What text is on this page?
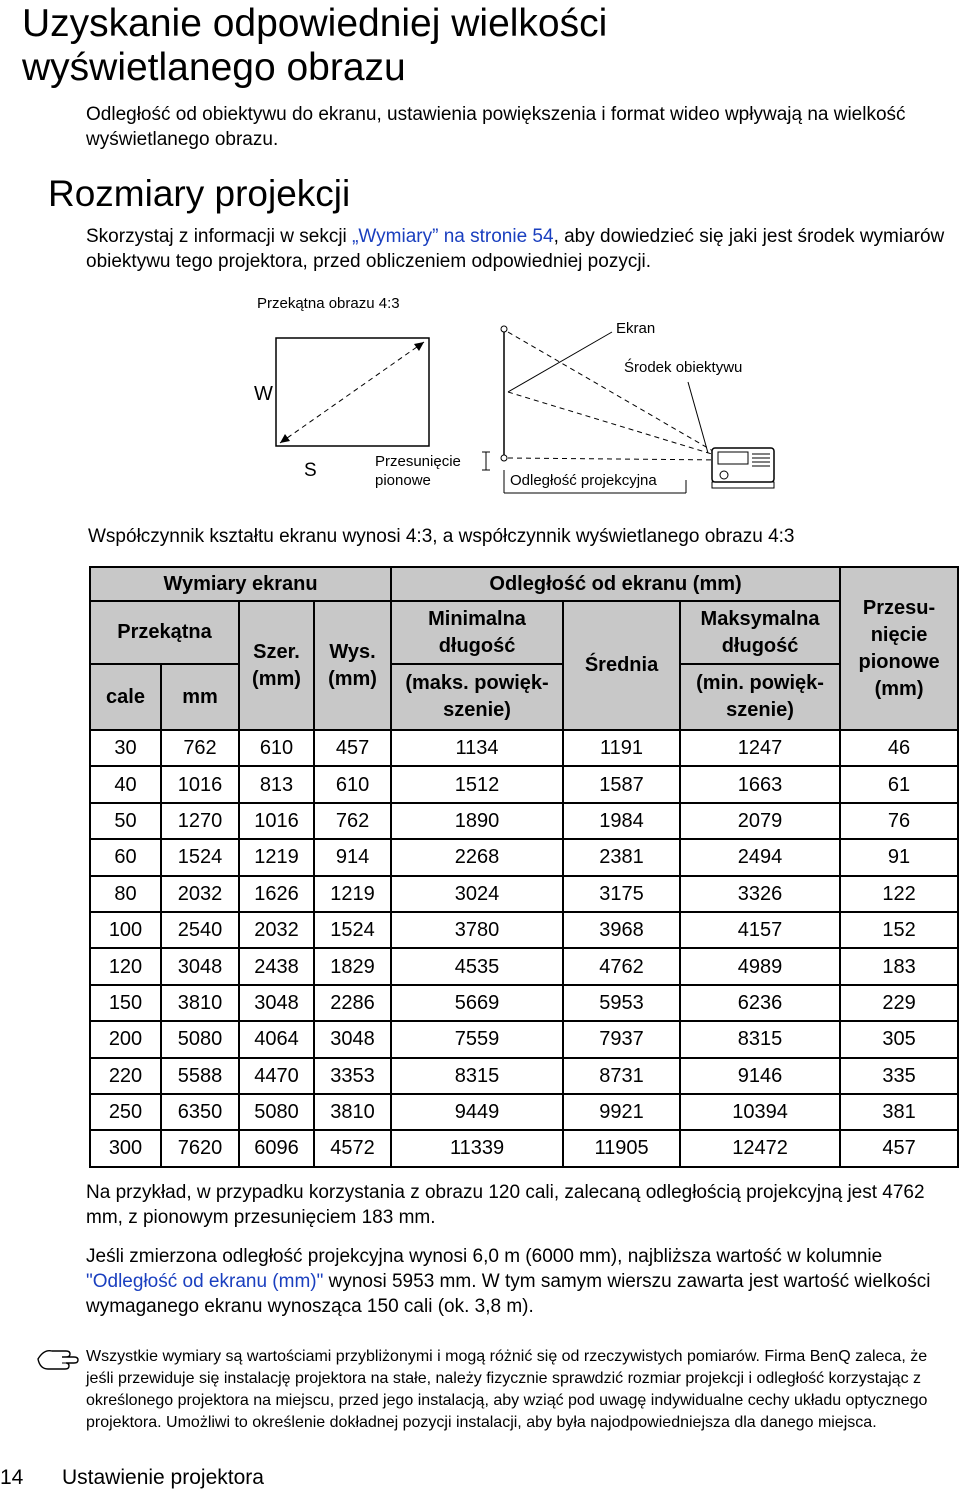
Uzyskanie odpowiedniej wielkości
wyświetlanego obrazu

Odległość od obiektywu do ekranu, ustawienia powiększenia i format wideo wpływają na wielkość wyświetlanego obrazu.

Rozmiary projekcji

Skorzystaj z informacji w sekcji „Wymiary” na stronie 54, aby dowiedzieć się jaki jest środek wymiarów obiektywu tego projektora, przed obliczeniem odpowiedniej pozycji.

Przekątna obrazu 4:3
Ekran
Środek obiektywu
W
S	Przesunięcie
pionowe	Odległość projekcyjna

Współczynnik kształtu ekranu wynosi 4:3, a współczynnik wyświetlanego obrazu 4:3

Wymiary ekranu				Odległość od ekranu (mm)			Przesu-nięcie pionowe (mm)
Przekątna		Szer. (mm)	Wys. (mm)	Minimalna długość	Średnia	Maksymalna długość	
cale	mm			(maks. powięk-szenie)		(min. powięk-szenie)	

30	762	610	457	1134	1191	1247	46
40	1016	813	610	1512	1587	1663	61
50	1270	1016	762	1890	1984	2079	76
60	1524	1219	914	2268	2381	2494	91
80	2032	1626	1219	3024	3175	3326	122
100	2540	2032	1524	3780	3968	4157	152
120	3048	2438	1829	4535	4762	4989	183
150	3810	3048	2286	5669	5953	6236	229
200	5080	4064	3048	7559	7937	8315	305
220	5588	4470	3353	8315	8731	9146	335
250	6350	5080	3810	9449	9921	10394	381
300	7620	6096	4572	11339	11905	12472	457

Na przykład, w przypadku korzystania z obrazu 120 cali, zalecaną odległością projekcyjną jest 4762 mm, z pionowym przesunięciem 183 mm.

Jeśli zmierzona odległość projekcyjna wynosi 6,0 m (6000 mm), najbliższa wartość w kolumnie "Odległość od ekranu (mm)" wynosi 5953 mm. W tym samym wierszu zawarta jest wartość wielkości wymaganego ekranu wynosząca 150 cali (ok. 3,8 m).

Wszystkie wymiary są wartościami przybliżonymi i mogą różnić się od rzeczywistych pomiarów. Firma BenQ zaleca, że jeśli przewiduje się instalację projektora na stałe, należy fizycznie sprawdzić rozmiar projekcji i odległość korzystając z określonego projektora na miejscu, przed jego instalacją, aby wziąć pod uwagę indywidualne cechy układu optycznego projektora. Umożliwi to określenie dokładnej pozycji instalacji, aby była najodpowiedniejsza dla danego miejsca.

14 Ustawienie projektora
